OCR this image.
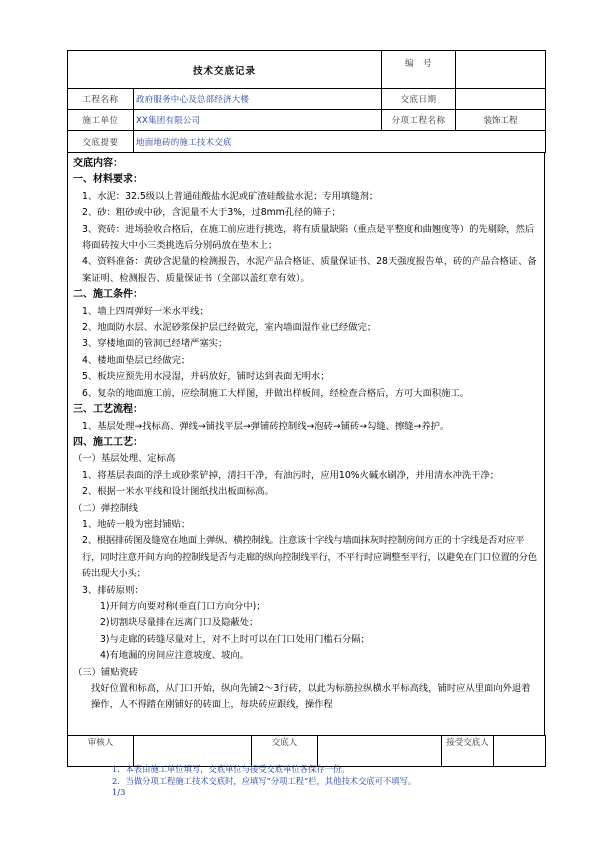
技术交底记录		编　号	
工程名称	政府服务中心及总部经济大楼	交底日期	
施工单位	XX集团有限公司	分项工程名称	装饰工程
交底提要	地面地砖的施工技术交底		

交底内容：

一、材料要求：

1、水泥：32.5级以上普通硅酸盐水泥或矿渣硅酸盐水泥；专用填缝剂；

2、砂：粗砂或中砂，含泥量不大于3%，过8mm孔径的筛子；

3、瓷砖：进场验收合格后，在施工前应进行挑选，将有质量缺陷（重点是平整度和曲翘度等）的先剔除，然后将面砖按大中小三类挑选后分别码放在垫木上；

4、资料准备：黄砂含泥量的检测报告，水泥产品合格证、质量保证书、28天强度报告单，砖的产品合格证、备案证明、检测报告、质量保证书（全部以盖红章有效）。

二、施工条件：

1、墙上四周弹好一米水平线；

2、地面防水层、水泥砂浆保护层已经做完，室内墙面湿作业已经做完；

3、穿楼地面的管洞已经堵严塞实；

4、楼地面垫层已经做完；

5、板块应预先用水浸湿，并码放好，铺时达到表面无明水；

6、复杂的地面施工前，应绘制施工大样图，并做出样板间，经检查合格后，方可大面积施工。

三、工艺流程：

1、基层处理→找标高、弹线→铺找平层→弹铺砖控制线→泡砖→铺砖→勾缝、擦缝→养护。

四、施工工艺：

（一）基层处理、定标高

1、将基层表面的浮土或砂浆铲掉，清扫干净，有油污时，应用10%火碱水刷净，并用清水冲洗干净；

2、根据一米水平线和设计图纸找出板面标高。

（二）弹控制线

1、地砖一般为密封铺贴；

2、根据排砖图及缝宽在地面上弹纵、横控制线。注意该十字线与墙面抹灰时控制房间方正的十字线是否对应平行，同时注意开间方向的控制线是否与走廊的纵向控制线平行，不平行时应调整至平行，以避免在门口位置的分色砖出现大小头；

3、排砖原则：

1)开间方向要对称(垂直门口方向分中)；

2)切割块尽量排在远离门口及隐蔽处；

3)与走廊的砖缝尽量对上，对不上时可以在门口处用门槛石分隔；

4)有地漏的房间应注意坡度、坡向。

（三）铺贴瓷砖

找好位置和标高，从门口开始，纵向先铺2～3行砖，以此为标筋拉纵横水平标高线，铺时应从里面向外退着操作，人不得踏在刚铺好的砖面上，每块砖应跟线，操作程

审核人		交底人		接受交底人	

1．本表由施工单位填写，交底单位与接受交底单位各保存一份。

2．当做分项工程施工技术交底时，应填写“分项工程”栏，其他技术交底可不填写。

1/3
